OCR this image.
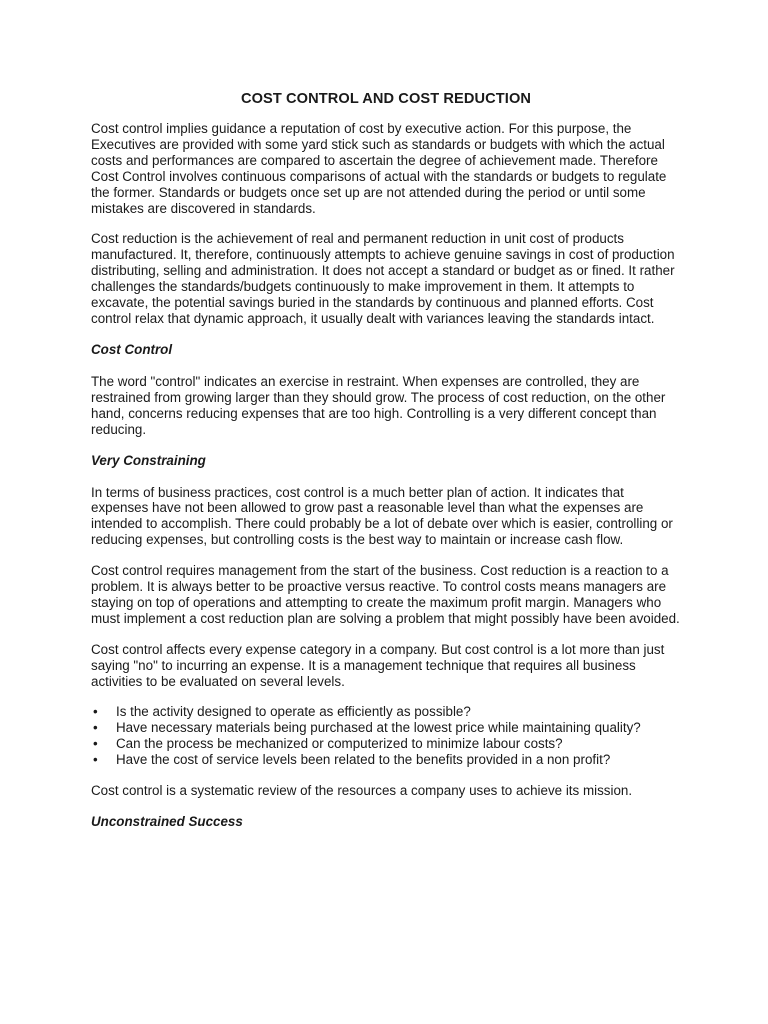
COST CONTROL AND COST REDUCTION

Cost control implies guidance a reputation of cost by executive action. For this purpose, the Executives are provided with some yard stick such as standards or budgets with which the actual costs and performances are compared to ascertain the degree of achievement made. Therefore Cost Control involves continuous comparisons of actual with the standards or budgets to regulate the former. Standards or budgets once set up are not attended during the period or until some mistakes are discovered in standards.

Cost reduction is the achievement of real and permanent reduction in unit cost of products manufactured. It, therefore, continuously attempts to achieve genuine savings in cost of production distributing, selling and administration. It does not accept a standard or budget as or fined. It rather challenges the standards/budgets continuously to make improvement in them. It attempts to excavate, the potential savings buried in the standards by continuous and planned efforts. Cost control relax that dynamic approach, it usually dealt with variances leaving the standards intact.

Cost Control

The word "control" indicates an exercise in restraint. When expenses are controlled, they are restrained from growing larger than they should grow. The process of cost reduction, on the other hand, concerns reducing expenses that are too high. Controlling is a very different concept than reducing.

Very Constraining

In terms of business practices, cost control is a much better plan of action. It indicates that expenses have not been allowed to grow past a reasonable level than what the expenses are intended to accomplish. There could probably be a lot of debate over which is easier, controlling or reducing expenses, but controlling costs is the best way to maintain or increase cash flow.

Cost control requires management from the start of the business. Cost reduction is a reaction to a problem. It is always better to be proactive versus reactive. To control costs means managers are staying on top of operations and attempting to create the maximum profit margin. Managers who must implement a cost reduction plan are solving a problem that might possibly have been avoided.

Cost control affects every expense category in a company. But cost control is a lot more than just saying "no" to incurring an expense. It is a management technique that requires all business activities to be evaluated on several levels.

• Is the activity designed to operate as efficiently as possible?
• Have necessary materials being purchased at the lowest price while maintaining quality?
• Can the process be mechanized or computerized to minimize labour costs?
• Have the cost of service levels been related to the benefits provided in a non profit?

Cost control is a systematic review of the resources a company uses to achieve its mission.

Unconstrained Success
